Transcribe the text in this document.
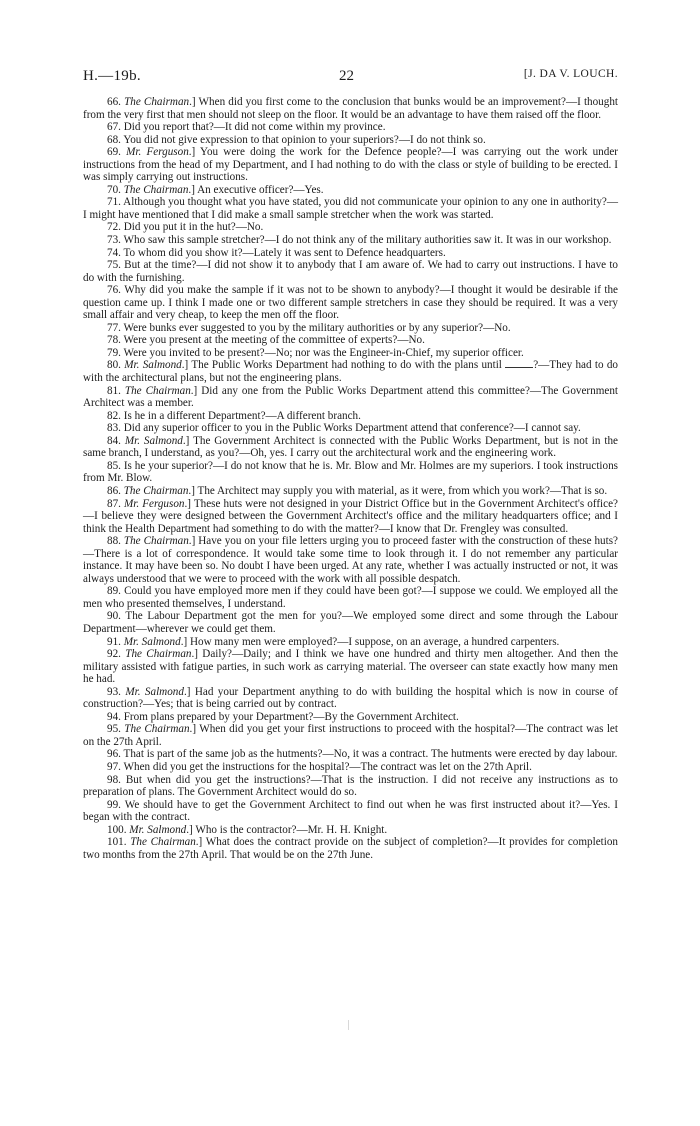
H.—19b.	22	[J. DA V. LOUCH.

66. The Chairman.] When did you first come to the conclusion that bunks would be an improvement?—I thought from the very first that men should not sleep on the floor. It would be an advantage to have them raised off the floor.

67. Did you report that?—It did not come within my province.

68. You did not give expression to that opinion to your superiors?—I do not think so.

69. Mr. Ferguson.] You were doing the work for the Defence people?—I was carrying out the work under instructions from the head of my Department, and I had nothing to do with the class or style of building to be erected. I was simply carrying out instructions.

70. The Chairman.] An executive officer?—Yes.

71. Although you thought what you have stated, you did not communicate your opinion to any one in authority?—I might have mentioned that I did make a small sample stretcher when the work was started.

72. Did you put it in the hut?—No.

73. Who saw this sample stretcher?—I do not think any of the military authorities saw it. It was in our workshop.

74. To whom did you show it?—Lately it was sent to Defence headquarters.

75. But at the time?—I did not show it to anybody that I am aware of. We had to carry out instructions. I have to do with the furnishing.

76. Why did you make the sample if it was not to be shown to anybody?—I thought it would be desirable if the question came up. I think I made one or two different sample stretchers in case they should be required. It was a very small affair and very cheap, to keep the men off the floor.

77. Were bunks ever suggested to you by the military authorities or by any superior?—No.

78. Were you present at the meeting of the committee of experts?—No.

79. Were you invited to be present?—No; nor was the Engineer-in-Chief, my superior officer.

80. Mr. Salmond.] The Public Works Department had nothing to do with the plans until	?—They had to do with the architectural plans, but not the engineering plans.

81. The Chairman.] Did any one from the Public Works Department attend this committee?—The Government Architect was a member.

82. Is he in a different Department?—A different branch.

83. Did any superior officer to you in the Public Works Department attend that conference?—I cannot say.

84. Mr. Salmond.] The Government Architect is connected with the Public Works Department, but is not in the same branch, I understand, as you?—Oh, yes. I carry out the architectural work and the engineering work.

85. Is he your superior?—I do not know that he is. Mr. Blow and Mr. Holmes are my superiors. I took instructions from Mr. Blow.

86. The Chairman.] The Architect may supply you with material, as it were, from which you work?—That is so.

87. Mr. Ferguson.] These huts were not designed in your District Office but in the Government Architect's office?—I believe they were designed between the Government Architect's office and the military headquarters office; and I think the Health Department had something to do with the matter?—I know that Dr. Frengley was consulted.

88. The Chairman.] Have you on your file letters urging you to proceed faster with the construction of these huts?—There is a lot of correspondence. It would take some time to look through it. I do not remember any particular instance. It may have been so. No doubt I have been urged. At any rate, whether I was actually instructed or not, it was always understood that we were to proceed with the work with all possible despatch.

89. Could you have employed more men if they could have been got?—I suppose we could. We employed all the men who presented themselves, I understand.

90. The Labour Department got the men for you?—We employed some direct and some through the Labour Department—wherever we could get them.

91. Mr. Salmond.] How many men were employed?—I suppose, on an average, a hundred carpenters.

92. The Chairman.] Daily?—Daily; and I think we have one hundred and thirty men altogether. And then the military assisted with fatigue parties, in such work as carrying material. The overseer can state exactly how many men he had.

93. Mr. Salmond.] Had your Department anything to do with building the hospital which is now in course of construction?—Yes; that is being carried out by contract.

94. From plans prepared by your Department?—By the Government Architect.

95. The Chairman.] When did you get your first instructions to proceed with the hospital?—The contract was let on the 27th April.

96. That is part of the same job as the hutments?—No, it was a contract. The hutments were erected by day labour.

97. When did you get the instructions for the hospital?—The contract was let on the 27th April.

98. But when did you get the instructions?—That is the instruction. I did not receive any instructions as to preparation of plans. The Government Architect would do so.

99. We should have to get the Government Architect to find out when he was first instructed about it?—Yes. I began with the contract.

100. Mr. Salmond.] Who is the contractor?—Mr. H. H. Knight.

101. The Chairman.] What does the contract provide on the subject of completion?—It provides for completion two months from the 27th April. That would be on the 27th June.
